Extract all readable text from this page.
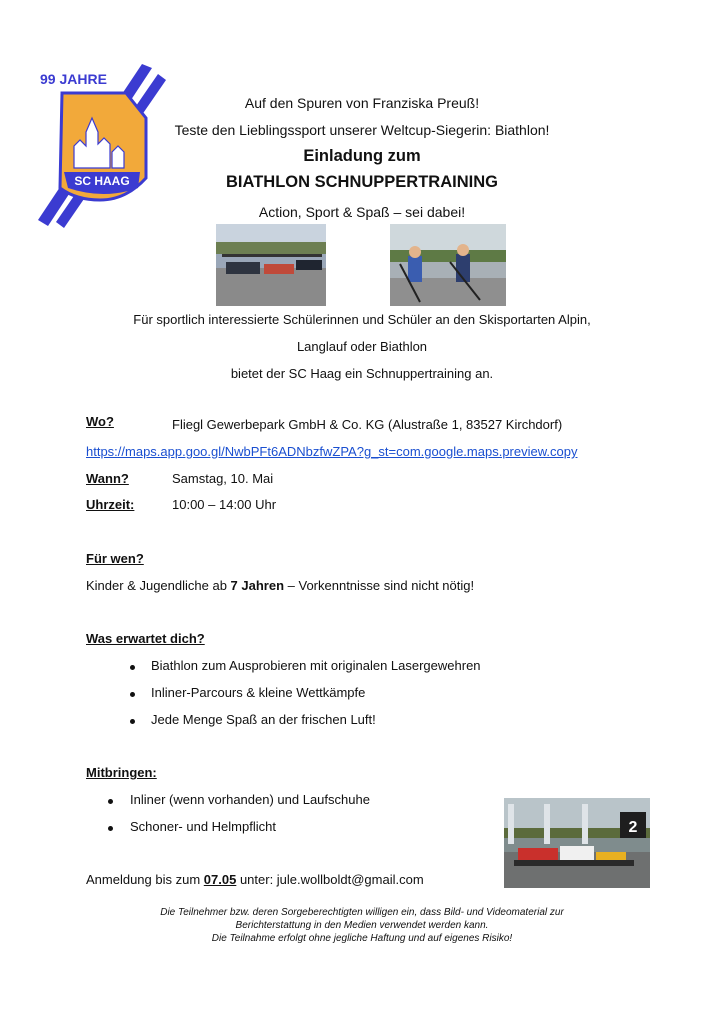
SC HAAG
99 JAHRE
Auf den Spuren von Franziska Preuß!
Teste den Lieblingssport unserer Weltcup-Siegerin: Biathlon!
Einladung zum
BIATHLON SCHNUPPERTRAINING
Action, Sport & Spaß – sei dabei!
Für sportlich interessierte Schülerinnen und Schüler an den Skisportarten Alpin,
Langlauf oder Biathlon
bietet der SC Haag ein Schnuppertraining an.
Wo?	Fliegl Gewerbepark GmbH & Co. KG (Alustraße 1, 83527 Kirchdorf)
https://maps.app.goo.gl/NwbPFt6ADNbzfwZPA?g_st=com.google.maps.preview.copy
Wann?	Samstag, 10. Mai
Uhrzeit:	10:00 – 14:00 Uhr
Für wen?
Kinder & Jugendliche ab 7 Jahren – Vorkenntnisse sind nicht nötig!
Was erwartet dich?
Biathlon zum Ausprobieren mit originalen Lasergewehren
Inliner-Parcours & kleine Wettkämpfe
Jede Menge Spaß an der frischen Luft!
Mitbringen:
Inliner (wenn vorhanden) und Laufschuhe
Schoner- und Helmpflicht	2
Anmeldung bis zum 07.05 unter: jule.wollboldt@gmail.com
Die Teilnehmer bzw. deren Sorgeberechtigten willigen ein, dass Bild- und Videomaterial zur
Berichterstattung in den Medien verwendet werden kann.
Die Teilnahme erfolgt ohne jegliche Haftung und auf eigenes Risiko!
